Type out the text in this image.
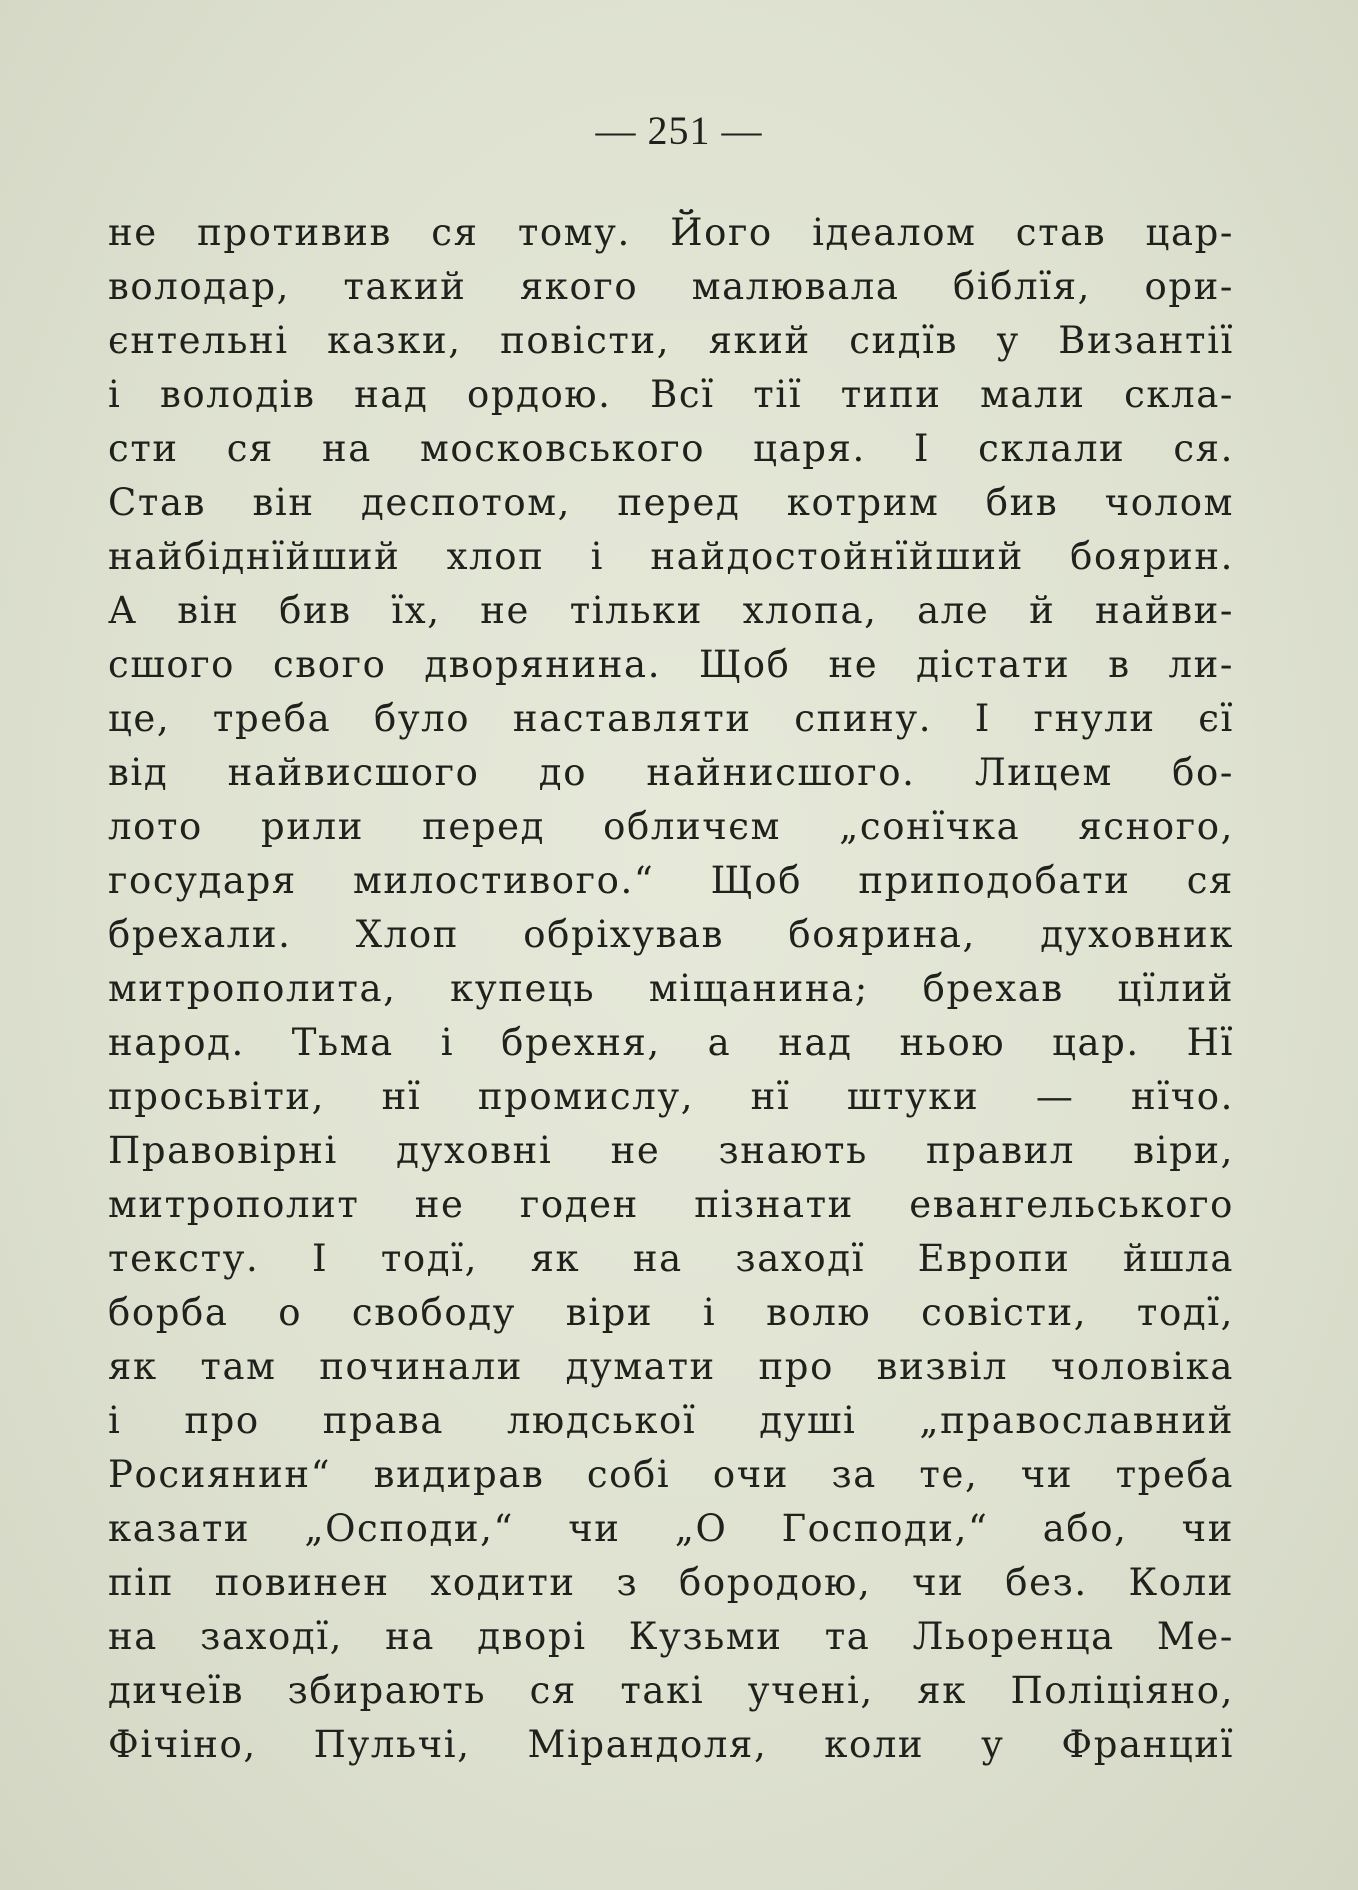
— 251 —
не противив ся тому. Його ідеалом став цар-
володар, такий якого малювала біблїя, ори-
єнтельні казки, повісти, який сидїв у Византії
і володів над ордою. Всї тії типи мали скла-
сти ся на московського царя. І склали ся.
Став він деспотом, перед котрим бив чолом
найбіднїйший хлоп і найдостойнїйший боярин.
А він бив їх, не тільки хлопа, але й найви-
сшого свого дворянина. Щоб не дістати в ли-
це, треба було наставляти спину. І гнули єї
від найвисшого до найнисшого. Лицем бо-
лото рили перед обличєм „сонїчка ясного,
государя милостивого.“ Щоб приподобати ся
брехали. Хлоп обріхував боярина, духовник
митрополита, купець міщанина; брехав цїлий
народ. Тьма і брехня, а над ньою цар. Нї
просьвіти, нї промислу, нї штуки — нїчо.
Правовірні духовні не знають правил віри,
митрополит не годен пізнати евангельського
тексту. І тодї, як на заходї Европи йшла
борба о свободу віри і волю совісти, тодї,
як там починали думати про визвіл чоловіка
і про права людської душі „православний
Росиянин“ видирав собі очи за те, чи треба
казати „Осподи,“ чи „О Господи,“ або, чи
піп повинен ходити з бородою, чи без. Коли
на заходї, на дворі Кузьми та Льоренца Ме-
дичеїв збирають ся такі учені, як Поліціяно,
Фічіно, Пульчі, Мірандоля, коли у Франциї
